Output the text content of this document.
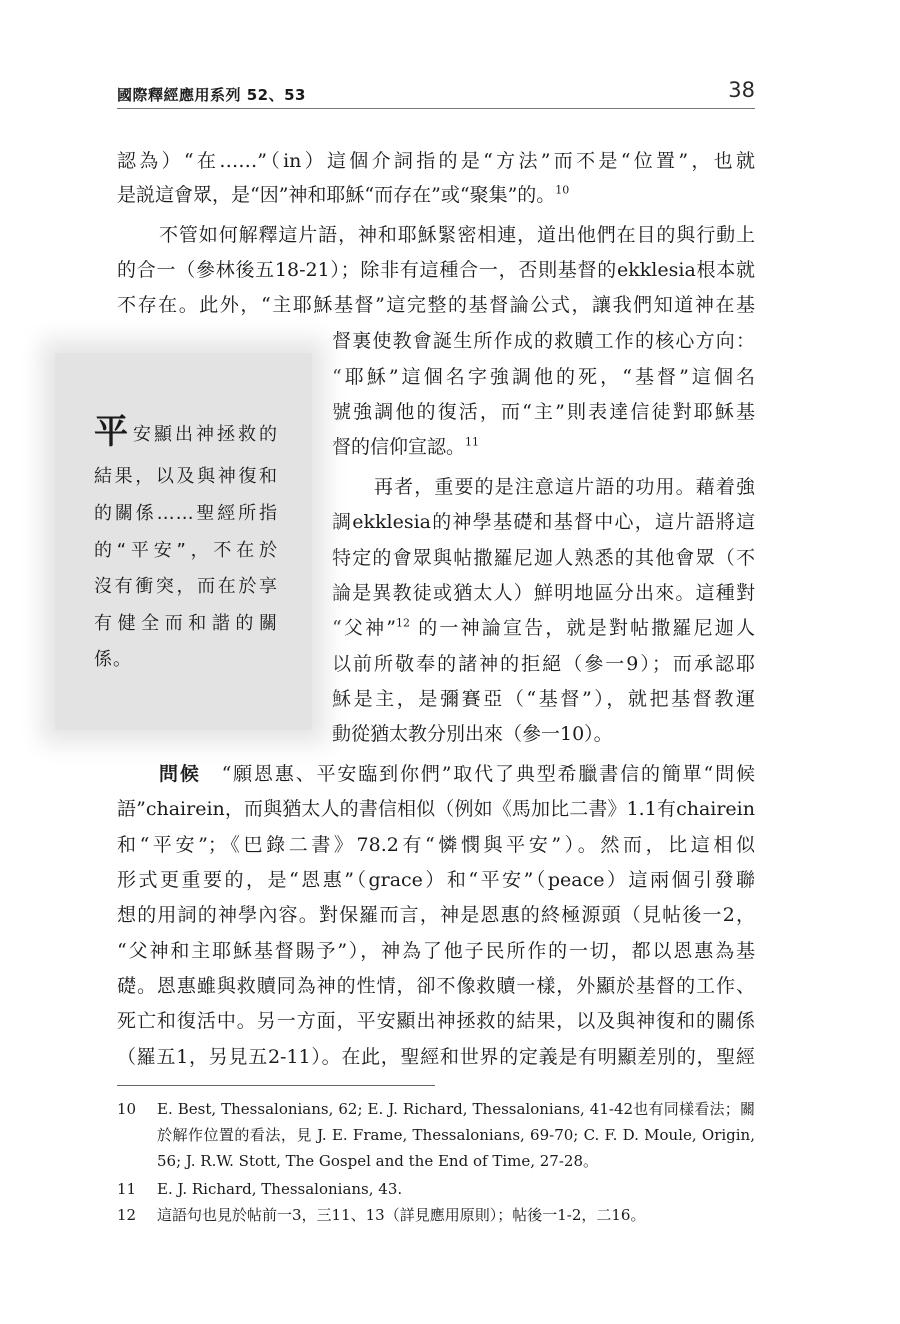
國際釋經應用系列 52、53	38
認為）“在……”（in）這個介詞指的是“方法”而不是“位置”，也就
是説這會眾，是“因”神和耶穌“而存在”或“聚集”的。$^{10}$
不管如何解釋這片語，神和耶穌緊密相連，道出他們在目的與行動上
的合一（參林後五18-21）；除非有這種合一，否則基督的ekklesia根本就
不存在。此外，“主耶穌基督”這完整的基督論公式，讓我們知道神在基
督裏使教會誕生所作成的救贖工作的核心方向：
“耶穌”這個名字強調他的死，“基督”這個名
號強調他的復活，而“主”則表達信徒對耶穌基
督的信仰宣認。$^{11}$
再者，重要的是注意這片語的功用。藉着強
調ekklesia的神學基礎和基督中心，這片語將這
特定的會眾與帖撒羅尼迦人熟悉的其他會眾（不
論是異教徒或猶太人）鮮明地區分出來。這種對
“父神”$^{12}$ 的一神論宣告，就是對帖撒羅尼迦人
以前所敬奉的諸神的拒絕（參一9）；而承認耶
穌是主，是彌賽亞（“基督”），就把基督教運
動從猶太教分別出來（參一10）。
問候　 “願恩惠、平安臨到你們”取代了典型希臘書信的簡單“問候
語”chairein，而與猶太人的書信相似（例如《馬加比二書》1.1有chairein
和“平安”；《巴錄二書》78.2有“憐憫與平安”）。然而，比這相似
形式更重要的，是“恩惠”（grace）和“平安”（peace）這兩個引發聯
想的用詞的神學內容。對保羅而言，神是恩惠的終極源頭（見帖後一2，
“父神和主耶穌基督賜予”），神為了他子民所作的一切，都以恩惠為基
礎。恩惠雖與救贖同為神的性情，卻不像救贖一樣，外顯於基督的工作、
死亡和復活中。另一方面，平安顯出神拯救的結果，以及與神復和的關係
（羅五1，另見五2-11）。在此，聖經和世界的定義是有明顯差別的，聖經
平安顯出神拯救的
結果，以及與神復和
的關係……聖經所指
的“平安”，不在於
沒有衝突，而在於享
有健全而和諧的關
係。
10	E. Best, Thessalonians, 62; E. J. Richard, Thessalonians, 41-42也有同樣看法；關
於解作位置的看法，見 J. E. Frame, Thessalonians, 69-70; C. F. D. Moule, Origin,
56; J. R.W. Stott, The Gospel and the End of Time, 27-28。
11	E. J. Richard, Thessalonians, 43.
12	這語句也見於帖前一3，三11、13（詳見應用原則）；帖後一1-2，二16。
